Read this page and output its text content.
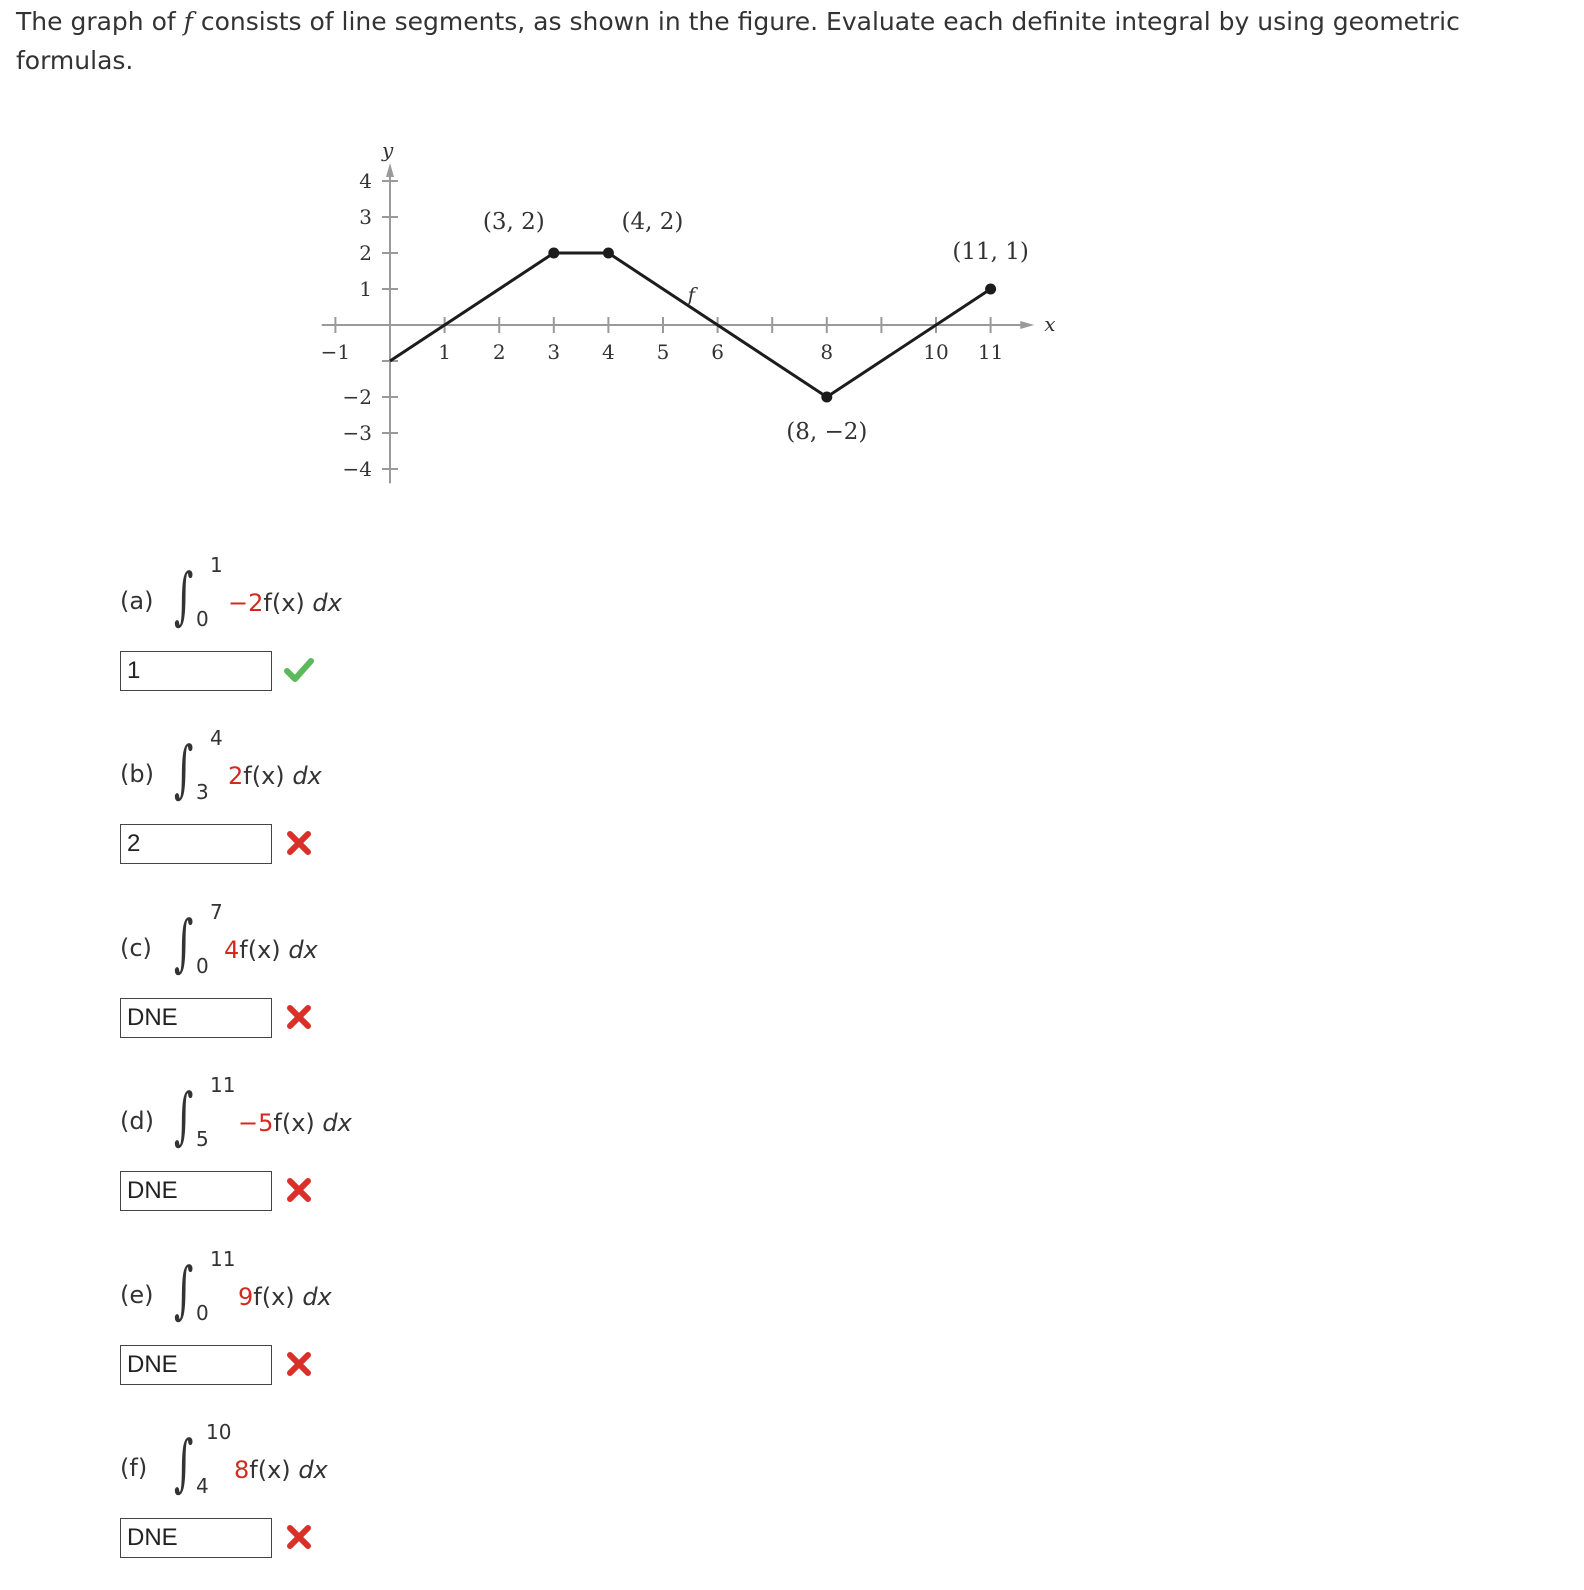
The graph of f consists of line segments, as shown in the figure. Evaluate each definite integral by using geometric formulas.
x
y
−1	1 2 3 4 5 6	8	10 11
4
3
2
1
−2
−3
−4
(3, 2)	(4, 2)
(8, −2)
(11, 1)
f
(a) ∫ 1
0
−2f(x) dx
1
(b) ∫ 4
3
2f(x) dx
2
(c) ∫ 7
0
4f(x) dx
DNE
(d) ∫ 11
5
−5f(x) dx
DNE
(e) ∫ 11
0
9f(x) dx
DNE
(f) ∫ 10
4
8f(x) dx
DNE
